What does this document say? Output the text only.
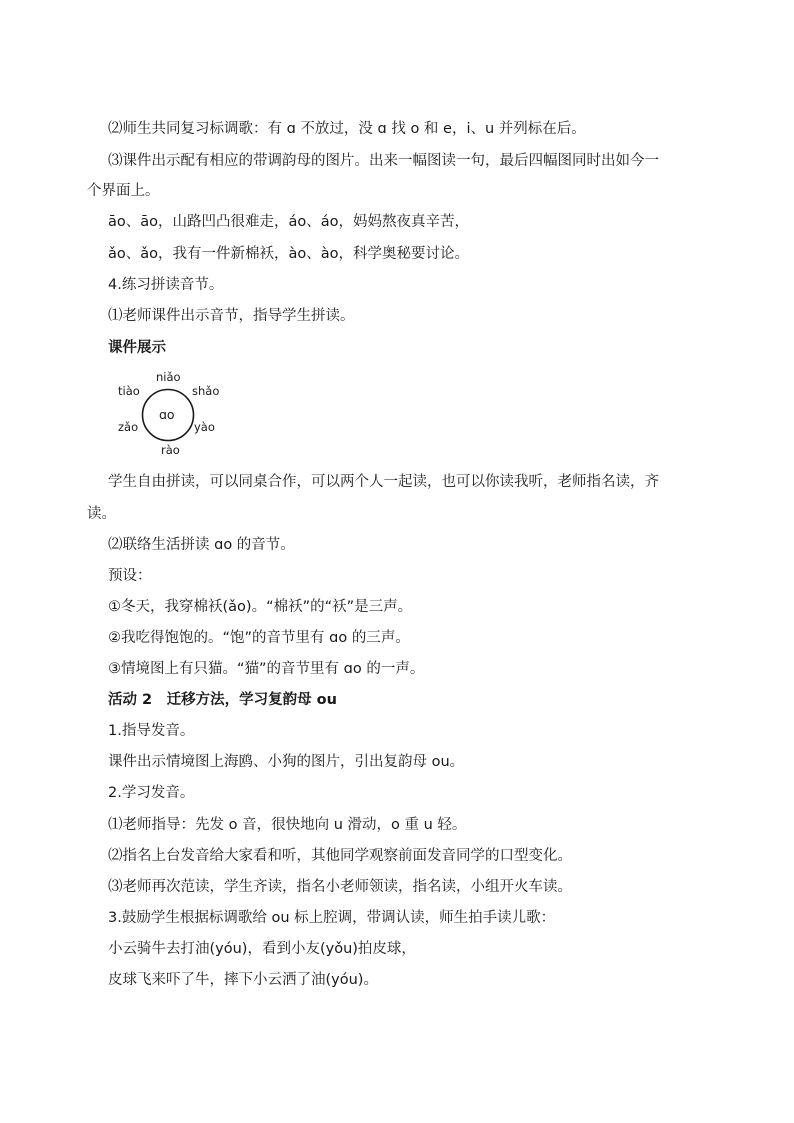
⑵师生共同复习标调歌：有 ɑ 不放过，没 ɑ 找 o 和 e，i、u 并列标在后。
⑶课件出示配有相应的带调韵母的图片。出来一幅图读一句，最后四幅图同时出如今一
个界面上。
āo、āo，山路凹凸很难走，áo、áo，妈妈熬夜真辛苦，
ǎo、ǎo，我有一件新棉袄，ào、ào，科学奥秘要讨论。
4.练习拼读音节。
⑴老师课件出示音节，指导学生拼读。
课件展示
ɑo
niǎo
tiào	shǎo
zǎo	yào
rào
学生自由拼读，可以同桌合作，可以两个人一起读，也可以你读我听，老师指名读，齐
读。
⑵联络生活拼读 ɑo 的音节。
预设：
①冬天，我穿棉袄(ǎo)。“棉袄”的“袄”是三声。
②我吃得饱饱的。“饱”的音节里有 ɑo 的三声。
③情境图上有只猫。“猫”的音节里有 ɑo 的一声。
活动 2　迁移方法，学习复韵母 ou
1.指导发音。
课件出示情境图上海鸥、小狗的图片，引出复韵母 ou。
2.学习发音。
⑴老师指导：先发 o 音，很快地向 u 滑动，o 重 u 轻。
⑵指名上台发音给大家看和听，其他同学观察前面发音同学的口型变化。
⑶老师再次范读，学生齐读，指名小老师领读，指名读，小组开火车读。
3.鼓励学生根据标调歌给 ou 标上腔调，带调认读，师生拍手读儿歌：
小云骑牛去打油(yóu)，看到小友(yǒu)拍皮球，
皮球飞来吓了牛，摔下小云洒了油(yóu)。
